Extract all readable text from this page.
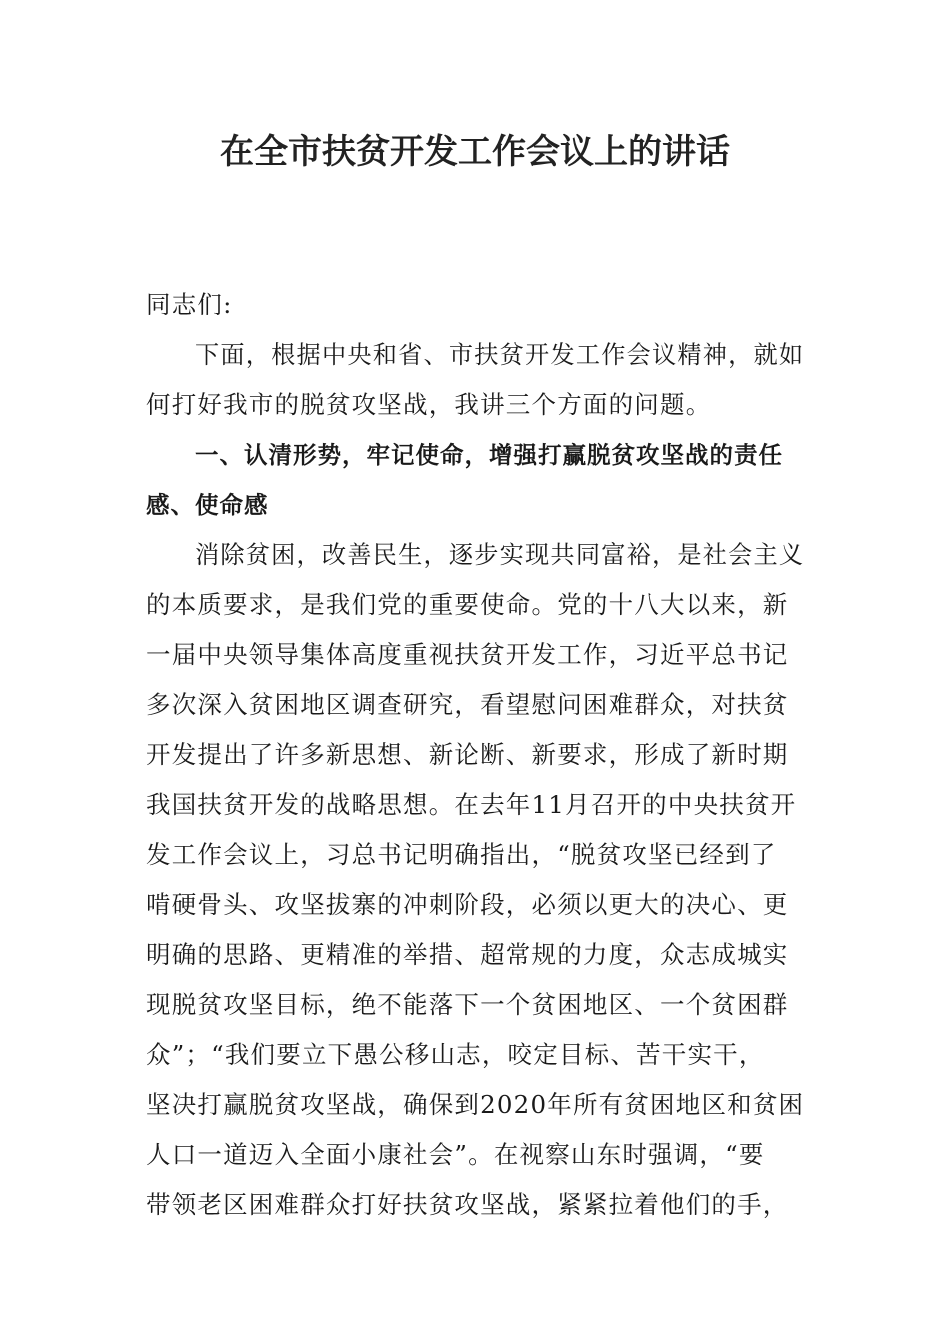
在全市扶贫开发工作会议上的讲话

同志们:

下面，根据中央和省、市扶贫开发工作会议精神，就如

何打好我市的脱贫攻坚战，我讲三个方面的问题。

一、认清形势，牢记使命，增强打赢脱贫攻坚战的责任

感、使命感

消除贫困，改善民生，逐步实现共同富裕，是社会主义

的本质要求，是我们党的重要使命。党的十八大以来，新

一届中央领导集体高度重视扶贫开发工作，习近平总书记

多次深入贫困地区调查研究，看望慰问困难群众，对扶贫

开发提出了许多新思想、新论断、新要求，形成了新时期

我国扶贫开发的战略思想。在去年11月召开的中央扶贫开

发工作会议上，习总书记明确指出，“脱贫攻坚已经到了

啃硬骨头、攻坚拔寨的冲刺阶段，必须以更大的决心、更

明确的思路、更精准的举措、超常规的力度，众志成城实

现脱贫攻坚目标，绝不能落下一个贫困地区、一个贫困群

众”；“我们要立下愚公移山志，咬定目标、苦干实干，

坚决打赢脱贫攻坚战，确保到2020年所有贫困地区和贫困

人口一道迈入全面小康社会”。在视察山东时强调，“要

带领老区困难群众打好扶贫攻坚战，紧紧拉着他们的手，
